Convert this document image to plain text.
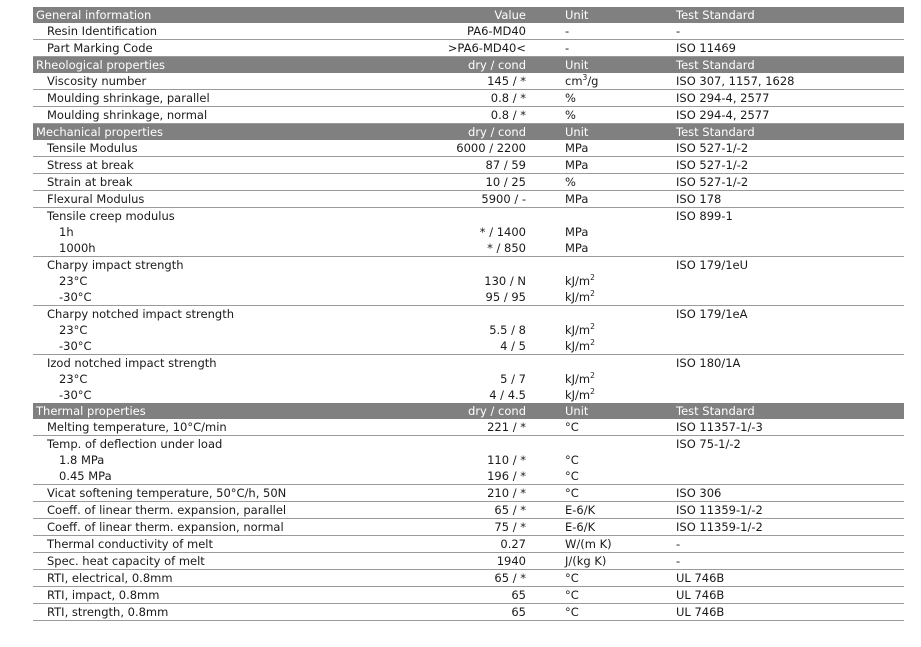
General information	Value	Unit	Test Standard
Resin Identification	PA6-MD40	-	-
Part Marking Code	>PA6-MD40<	-	ISO 11469
Rheological properties	dry / cond	Unit	Test Standard
Viscosity number	145 / *	$cm^3/g$	ISO 307, 1157, 1628
Moulding shrinkage, parallel	0.8 / *	%	ISO 294-4, 2577
Moulding shrinkage, normal	0.8 / *	%	ISO 294-4, 2577
Mechanical properties	dry / cond	Unit	Test Standard
Tensile Modulus	6000 / 2200	MPa	ISO 527-1/-2
Stress at break	87 / 59	MPa	ISO 527-1/-2
Strain at break	10 / 25	%	ISO 527-1/-2
Flexural Modulus	5900 / -	MPa	ISO 178
Tensile creep modulus			ISO 899-1
1h	* / 1400	MPa	
1000h	* / 850	MPa	
Charpy impact strength			ISO 179/1eU
23°C	130 / N	$kJ/m^2$	
-30°C	95 / 95	$kJ/m^2$	
Charpy notched impact strength			ISO 179/1eA
23°C	5.5 / 8	$kJ/m^2$	
-30°C	4 / 5	$kJ/m^2$	
Izod notched impact strength			ISO 180/1A
23°C	5 / 7	$kJ/m^2$	
-30°C	4 / 4.5	$kJ/m^2$	
Thermal properties	dry / cond	Unit	Test Standard
Melting temperature, 10°C/min	221 / *	°C	ISO 11357-1/-3
Temp. of deflection under load			ISO 75-1/-2
1.8 MPa	110 / *	°C	
0.45 MPa	196 / *	°C	
Vicat softening temperature, 50°C/h, 50N	210 / *	°C	ISO 306
Coeff. of linear therm. expansion, parallel	65 / *	E-6/K	ISO 11359-1/-2
Coeff. of linear therm. expansion, normal	75 / *	E-6/K	ISO 11359-1/-2
Thermal conductivity of melt	0.27	W/(m K)	-
Spec. heat capacity of melt	1940	J/(kg K)	-
RTI, electrical, 0.8mm	65 / *	°C	UL 746B
RTI, impact, 0.8mm	65	°C	UL 746B
RTI, strength, 0.8mm	65	°C	UL 746B
